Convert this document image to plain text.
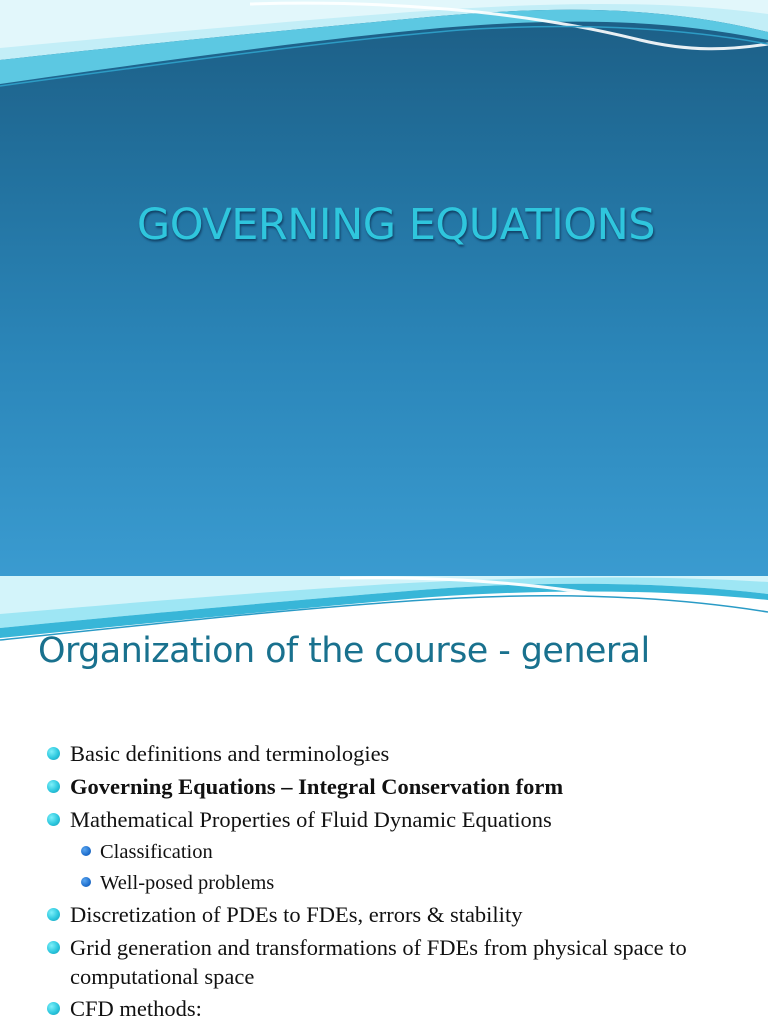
GOVERNING EQUATIONS
Organization of the course - general
Basic definitions and terminologies
Governing Equations – Integral Conservation form
Mathematical Properties of Fluid Dynamic Equations
Classification
Well-posed problems
Discretization of PDEs to FDEs, errors & stability
Grid generation and transformations of FDEs from physical space to computational space
CFD methods:
